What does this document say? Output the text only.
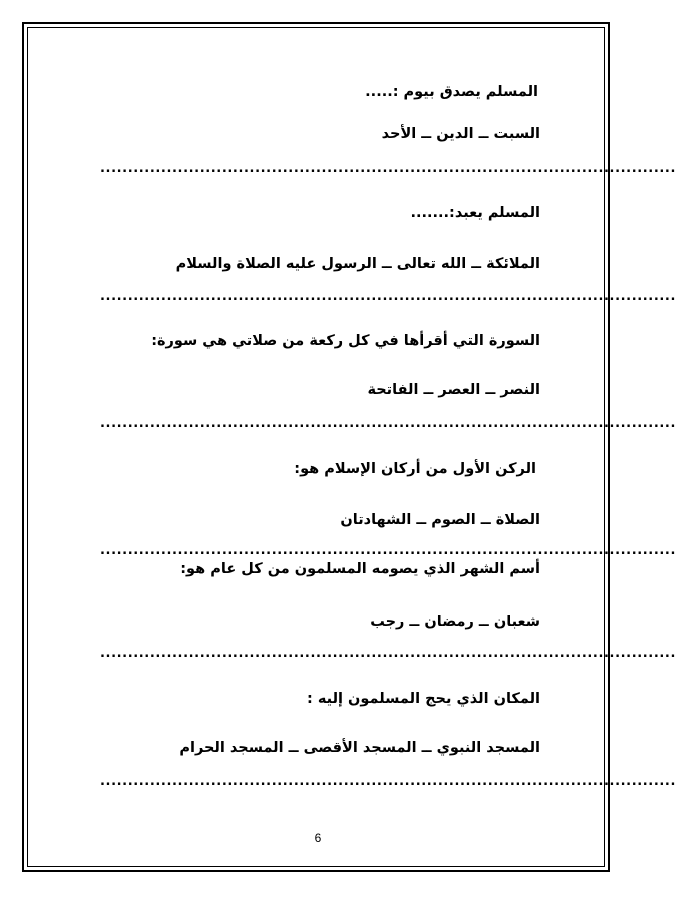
المسلم يصدق بيوم :.....
السبت ــ الدين ــ الأحد
........................................................................................................
المسلم يعبد:.......
الملائكة ــ الله تعالى ــ الرسول عليه الصلاة والسلام
........................................................................................................
السورة التي أقرأها في كل ركعة من صلاتي هي سورة:
النصر ــ العصر ــ الفاتحة
........................................................................................................
الركن الأول من أركان الإسلام هو:
الصلاة ــ الصوم ــ الشهادتان
........................................................................................................
أسم الشهر الذي يصومه المسلمون من كل عام هو:
شعبان ــ رمضان ــ رجب
........................................................................................................
المكان الذي يحج المسلمون إليه :
المسجد النبوي ــ المسجد الأقصى ــ المسجد الحرام
........................................................................................................
6
